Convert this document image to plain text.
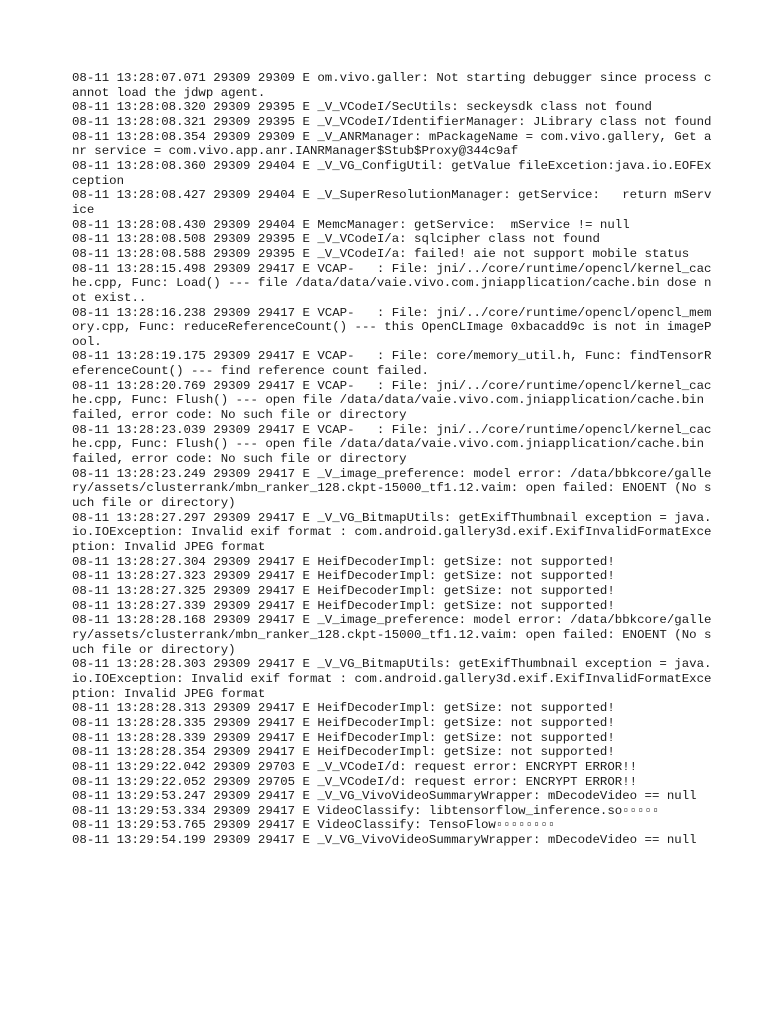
08-11 13:28:07.071 29309 29309 E om.vivo.galler: Not starting debugger since process cannot load the jdwp agent.
08-11 13:28:08.320 29309 29395 E _V_VCodeI/SecUtils: seckeysdk class not found
08-11 13:28:08.321 29309 29395 E _V_VCodeI/IdentifierManager: JLibrary class not found
08-11 13:28:08.354 29309 29309 E _V_ANRManager: mPackageName = com.vivo.gallery, Get anr service = com.vivo.app.anr.IANRManager$Stub$Proxy@344c9af
08-11 13:28:08.360 29309 29404 E _V_VG_ConfigUtil: getValue fileExcetion:java.io.EOFException
08-11 13:28:08.427 29309 29404 E _V_SuperResolutionManager: getService:   return mService
08-11 13:28:08.430 29309 29404 E MemcManager: getService:  mService != null
08-11 13:28:08.508 29309 29395 E _V_VCodeI/a: sqlcipher class not found
08-11 13:28:08.588 29309 29395 E _V_VCodeI/a: failed! aie not support mobile status
08-11 13:28:15.498 29309 29417 E VCAP-   : File: jni/../core/runtime/opencl/kernel_cache.cpp, Func: Load() --- file /data/data/vaie.vivo.com.jniapplication/cache.bin dose not exist..
08-11 13:28:16.238 29309 29417 E VCAP-   : File: jni/../core/runtime/opencl/opencl_memory.cpp, Func: reduceReferenceCount() --- this OpenCLImage 0xbacadd9c is not in imagePool.
08-11 13:28:19.175 29309 29417 E VCAP-   : File: core/memory_util.h, Func: findTensorReferenceCount() --- find reference count failed.
08-11 13:28:20.769 29309 29417 E VCAP-   : File: jni/../core/runtime/opencl/kernel_cache.cpp, Func: Flush() --- open file /data/data/vaie.vivo.com.jniapplication/cache.bin failed, error code: No such file or directory
08-11 13:28:23.039 29309 29417 E VCAP-   : File: jni/../core/runtime/opencl/kernel_cache.cpp, Func: Flush() --- open file /data/data/vaie.vivo.com.jniapplication/cache.bin failed, error code: No such file or directory
08-11 13:28:23.249 29309 29417 E _V_image_preference: model error: /data/bbkcore/gallery/assets/clusterrank/mbn_ranker_128.ckpt-15000_tf1.12.vaim: open failed: ENOENT (No such file or directory)
08-11 13:28:27.297 29309 29417 E _V_VG_BitmapUtils: getExifThumbnail exception = java.io.IOException: Invalid exif format : com.android.gallery3d.exif.ExifInvalidFormatException: Invalid JPEG format
08-11 13:28:27.304 29309 29417 E HeifDecoderImpl: getSize: not supported!
08-11 13:28:27.323 29309 29417 E HeifDecoderImpl: getSize: not supported!
08-11 13:28:27.325 29309 29417 E HeifDecoderImpl: getSize: not supported!
08-11 13:28:27.339 29309 29417 E HeifDecoderImpl: getSize: not supported!
08-11 13:28:28.168 29309 29417 E _V_image_preference: model error: /data/bbkcore/gallery/assets/clusterrank/mbn_ranker_128.ckpt-15000_tf1.12.vaim: open failed: ENOENT (No such file or directory)
08-11 13:28:28.303 29309 29417 E _V_VG_BitmapUtils: getExifThumbnail exception = java.io.IOException: Invalid exif format : com.android.gallery3d.exif.ExifInvalidFormatException: Invalid JPEG format
08-11 13:28:28.313 29309 29417 E HeifDecoderImpl: getSize: not supported!
08-11 13:28:28.335 29309 29417 E HeifDecoderImpl: getSize: not supported!
08-11 13:28:28.339 29309 29417 E HeifDecoderImpl: getSize: not supported!
08-11 13:28:28.354 29309 29417 E HeifDecoderImpl: getSize: not supported!
08-11 13:29:22.042 29309 29703 E _V_VCodeI/d: request error: ENCRYPT ERROR!!
08-11 13:29:22.052 29309 29705 E _V_VCodeI/d: request error: ENCRYPT ERROR!!
08-11 13:29:53.247 29309 29417 E _V_VG_VivoVideoSummaryWrapper: mDecodeVideo == null
08-11 13:29:53.334 29309 29417 E VideoClassify: libtensorflow_inference.so▫▫▫▫▫
08-11 13:29:53.765 29309 29417 E VideoClassify: TensoFlow▫▫▫▫▫▫▫▫
08-11 13:29:54.199 29309 29417 E _V_VG_VivoVideoSummaryWrapper: mDecodeVideo == null
